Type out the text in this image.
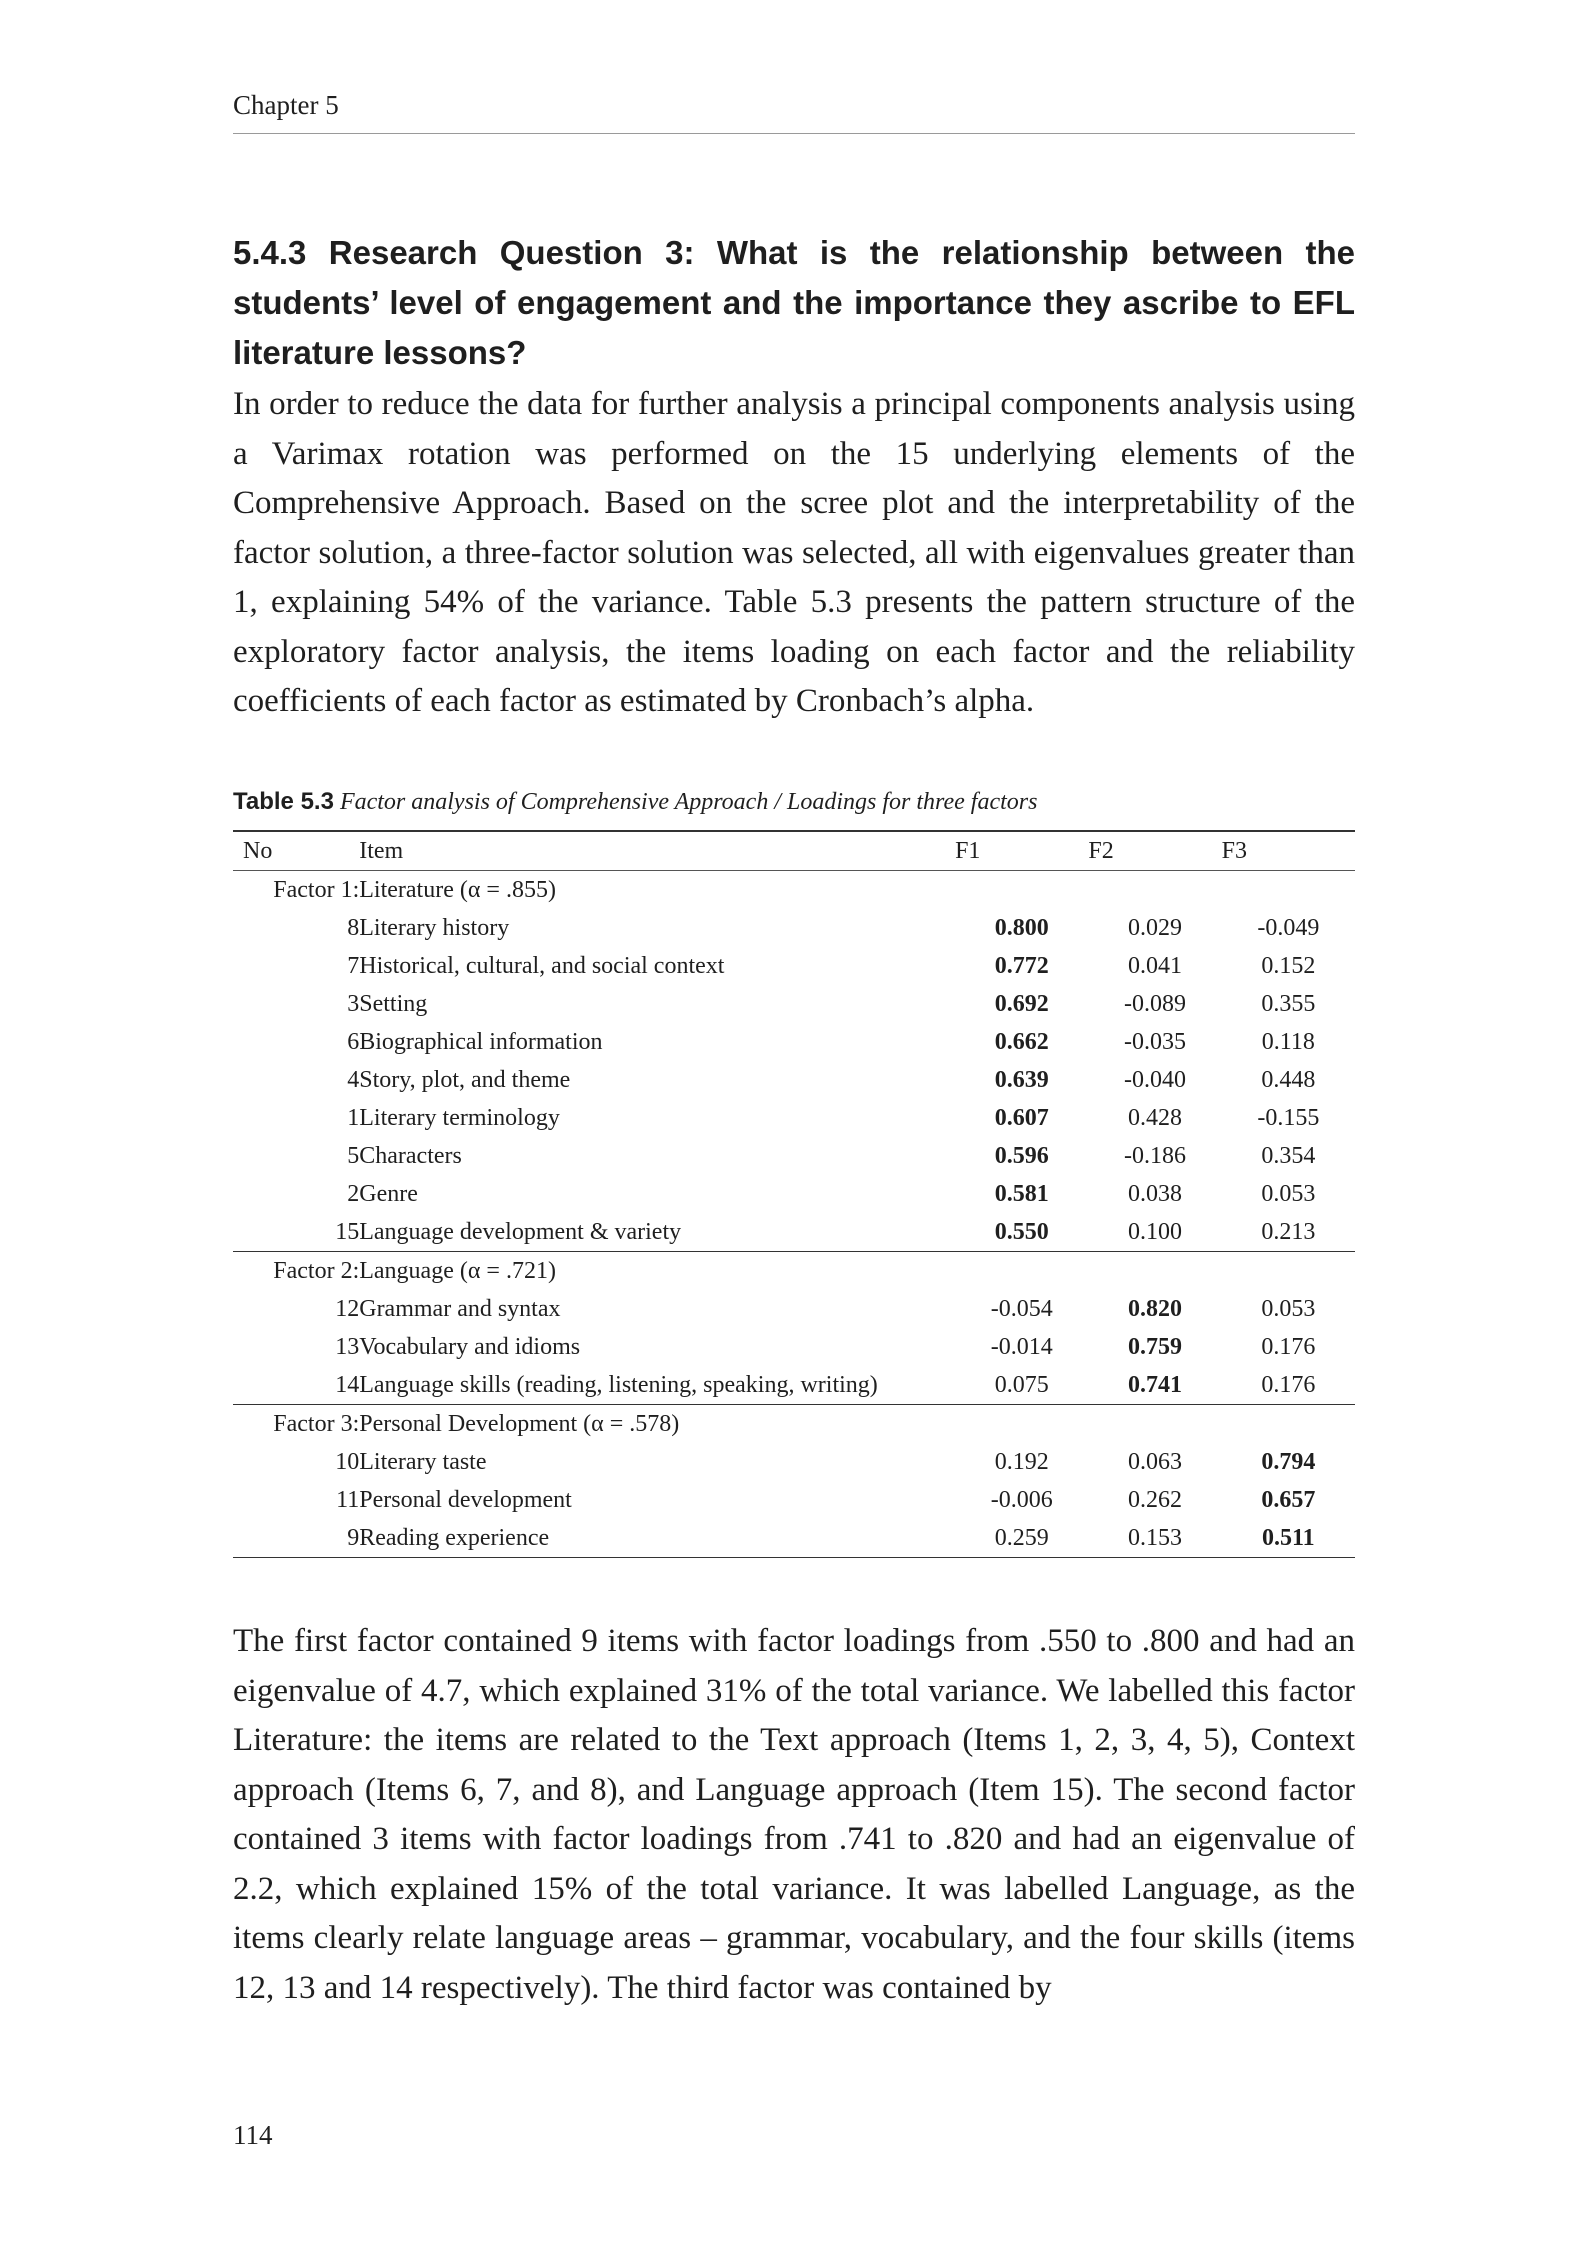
Chapter 5
5.4.3 Research Question 3: What is the relationship between the students’ level of engagement and the importance they ascribe to EFL literature lessons?

In order to reduce the data for further analysis a principal components analysis using a Varimax rotation was performed on the 15 underlying elements of the Comprehensive Approach. Based on the scree plot and the interpretability of the factor solution, a three-factor solution was selected, all with eigenvalues greater than 1, explaining 54% of the variance. Table 5.3 presents the pattern structure of the exploratory factor analysis, the items loading on each factor and the reliability coefficients of each factor as estimated by Cronbach’s alpha.

Table 5.3 Factor analysis of Comprehensive Approach / Loadings for three factors
No	Item	F1	F2	F3
Factor 1:	Literature (α = .855)			
8	Literary history	0.800	0.029	-0.049
7	Historical, cultural, and social context	0.772	0.041	0.152
3	Setting	0.692	-0.089	0.355
6	Biographical information	0.662	-0.035	0.118
4	Story, plot, and theme	0.639	-0.040	0.448
1	Literary terminology	0.607	0.428	-0.155
5	Characters	0.596	-0.186	0.354
2	Genre	0.581	0.038	0.053
15	Language development & variety	0.550	0.100	0.213
Factor 2:	Language (α = .721)			
12	Grammar and syntax	-0.054	0.820	0.053
13	Vocabulary and idioms	-0.014	0.759	0.176
14	Language skills (reading, listening, speaking, writing)	0.075	0.741	0.176
Factor 3:	Personal Development (α = .578)			
10	Literary taste	0.192	0.063	0.794
11	Personal development	-0.006	0.262	0.657
9	Reading experience	0.259	0.153	0.511

The first factor contained 9 items with factor loadings from .550 to .800 and had an eigenvalue of 4.7, which explained 31% of the total variance. We labelled this factor Literature: the items are related to the Text approach (Items 1, 2, 3, 4, 5), Context approach (Items 6, 7, and 8), and Language approach (Item 15). The second factor contained 3 items with factor loadings from .741 to .820 and had an eigenvalue of 2.2, which explained 15% of the total variance. It was labelled Language, as the items clearly relate language areas – grammar, vocabulary, and the four skills (items 12, 13 and 14 respectively). The third factor was contained by

114
